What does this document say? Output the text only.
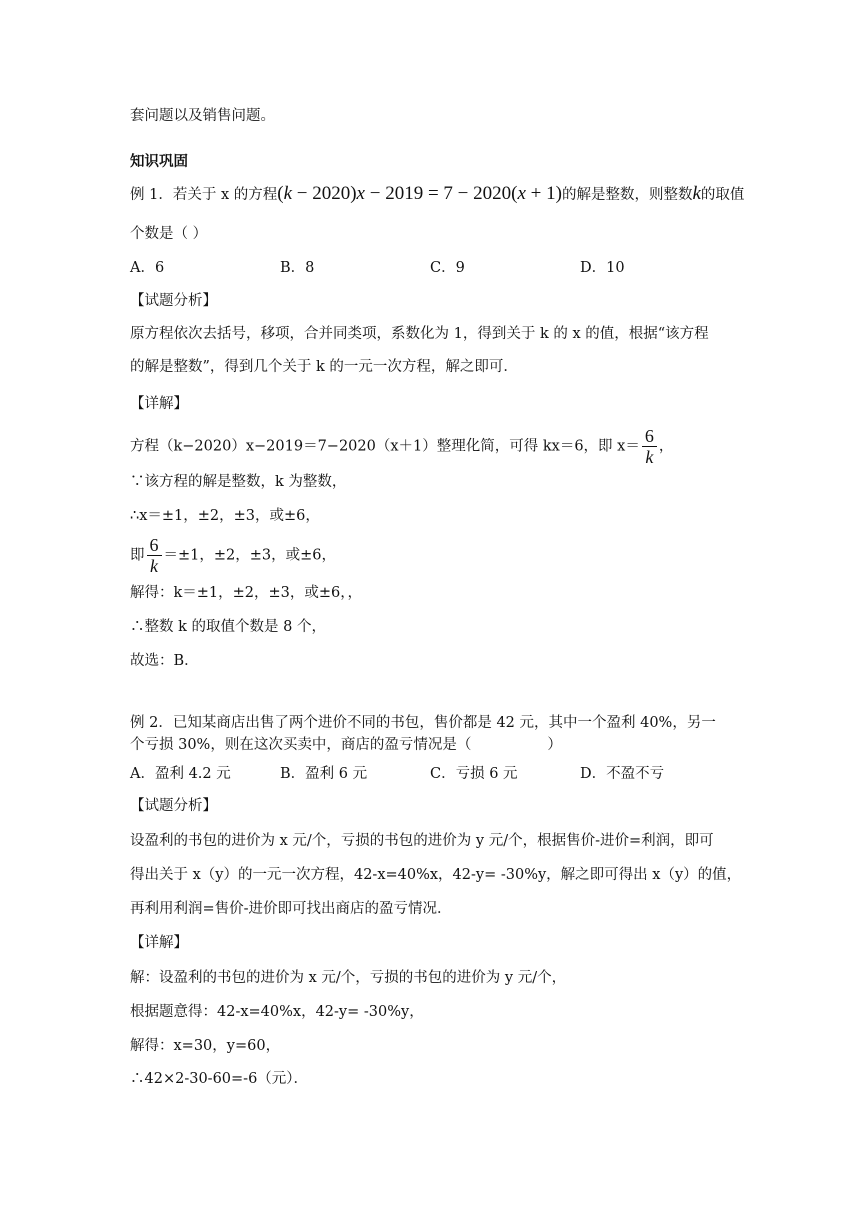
套问题以及销售问题。
知识巩固
例 1．若关于 x 的方程(k − 2020)x − 2019 = 7 − 2020(x + 1)的解是整数，则整数k的取值
个数是（ ）
A．6	B．8	C．9	D．10
【试题分析】
原方程依次去括号，移项，合并同类项，系数化为 1，得到关于 k 的 x 的值，根据“该方程
的解是整数”，得到几个关于 k 的一元一次方程，解之即可．
【详解】
方程（k−2020）x−2019＝7−2020（x＋1）整理化简，可得 kx＝6，即 $x= \frac{6}{k}$ ，
∵该方程的解是整数，k 为整数，
∴x＝±1，±2，±3，或±6，
即 $\frac{6}{k} =\pm 1$，±2，±3，或±6，
解得：k＝±1，±2，±3，或±6，，
∴整数 k 的取值个数是 8 个，
故选：B．
例 2．已知某商店出售了两个进价不同的书包，售价都是 42 元，其中一个盈利 40%，另一
个亏损 30%，则在这次买卖中，商店的盈亏情况是（	）
A．盈利 4.2 元	B．盈利 6 元	C．亏损 6 元	D．不盈不亏
【试题分析】
设盈利的书包的进价为 x 元/个，亏损的书包的进价为 y 元/个，根据售价-进价=利润，即可
得出关于 x（y）的一元一次方程，42-x=40%x，42-y= -30%y，解之即可得出 x（y）的值，
再利用利润=售价-进价即可找出商店的盈亏情况．
【详解】
解：设盈利的书包的进价为 x 元/个，亏损的书包的进价为 y 元/个，
根据题意得：42-x=40%x，42-y= -30%y，
解得：x=30，y=60，
∴42×2-30-60=-6（元）．
